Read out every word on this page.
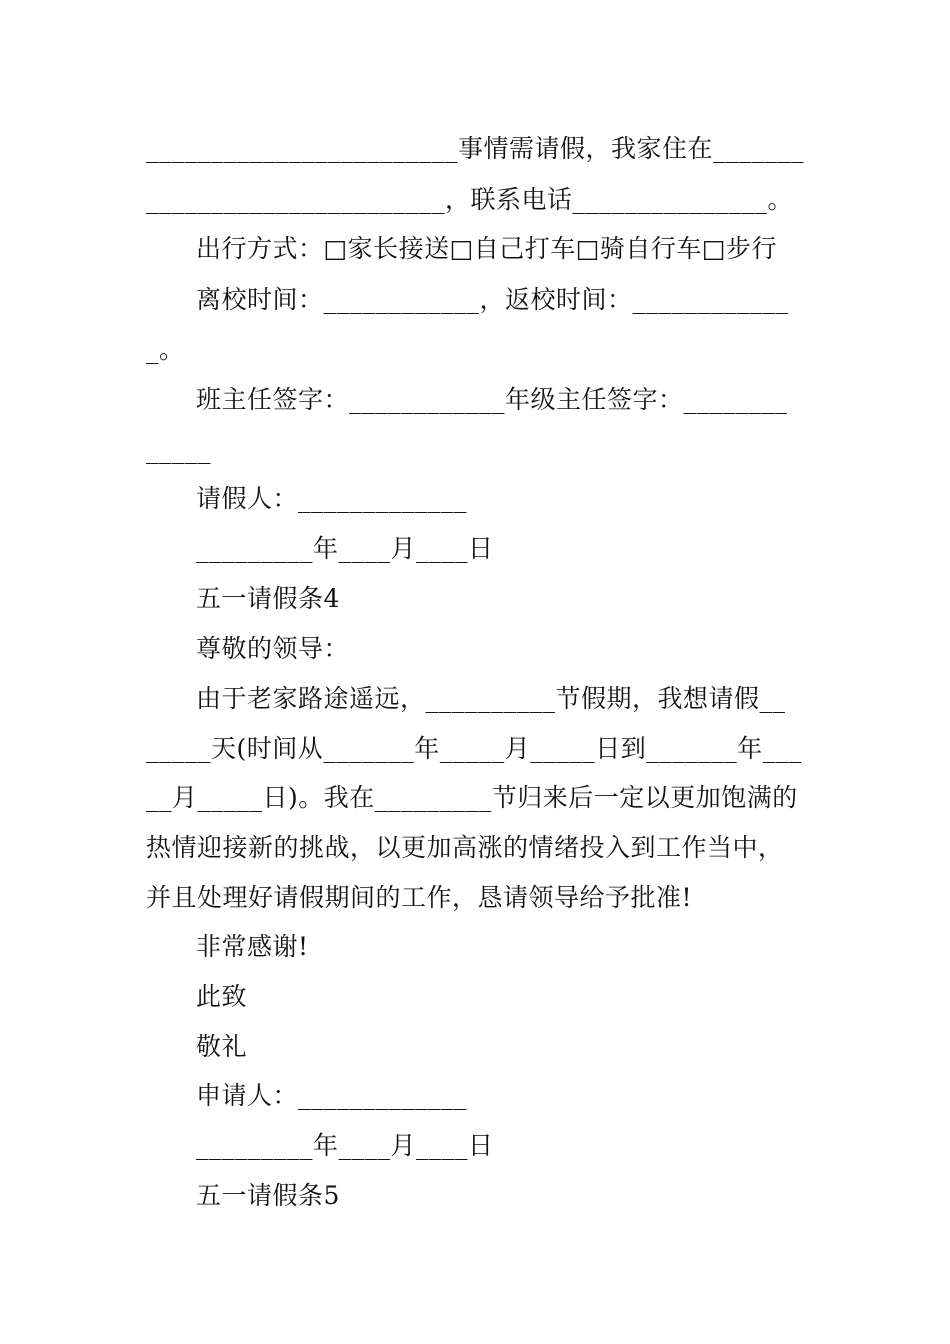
________________________事情需请假，我家住在_______
_______________________，联系电话_______________。
出行方式：□家长接送□自己打车□骑自行车□步行
离校时间：____________，返校时间：____________
_。
班主任签字：____________年级主任签字：________
_____
请假人：_____________
_________年____月____日
五一请假条4
尊敬的领导：
由于老家路途遥远，__________节假期，我想请假__
_____天(时间从_______年_____月_____日到_______年___
__月_____日)。我在_________节归来后一定以更加饱满的
热情迎接新的挑战，以更加高涨的情绪投入到工作当中，
并且处理好请假期间的工作，恳请领导给予批准!
非常感谢!
此致
敬礼
申请人：_____________
_________年____月____日
五一请假条5
